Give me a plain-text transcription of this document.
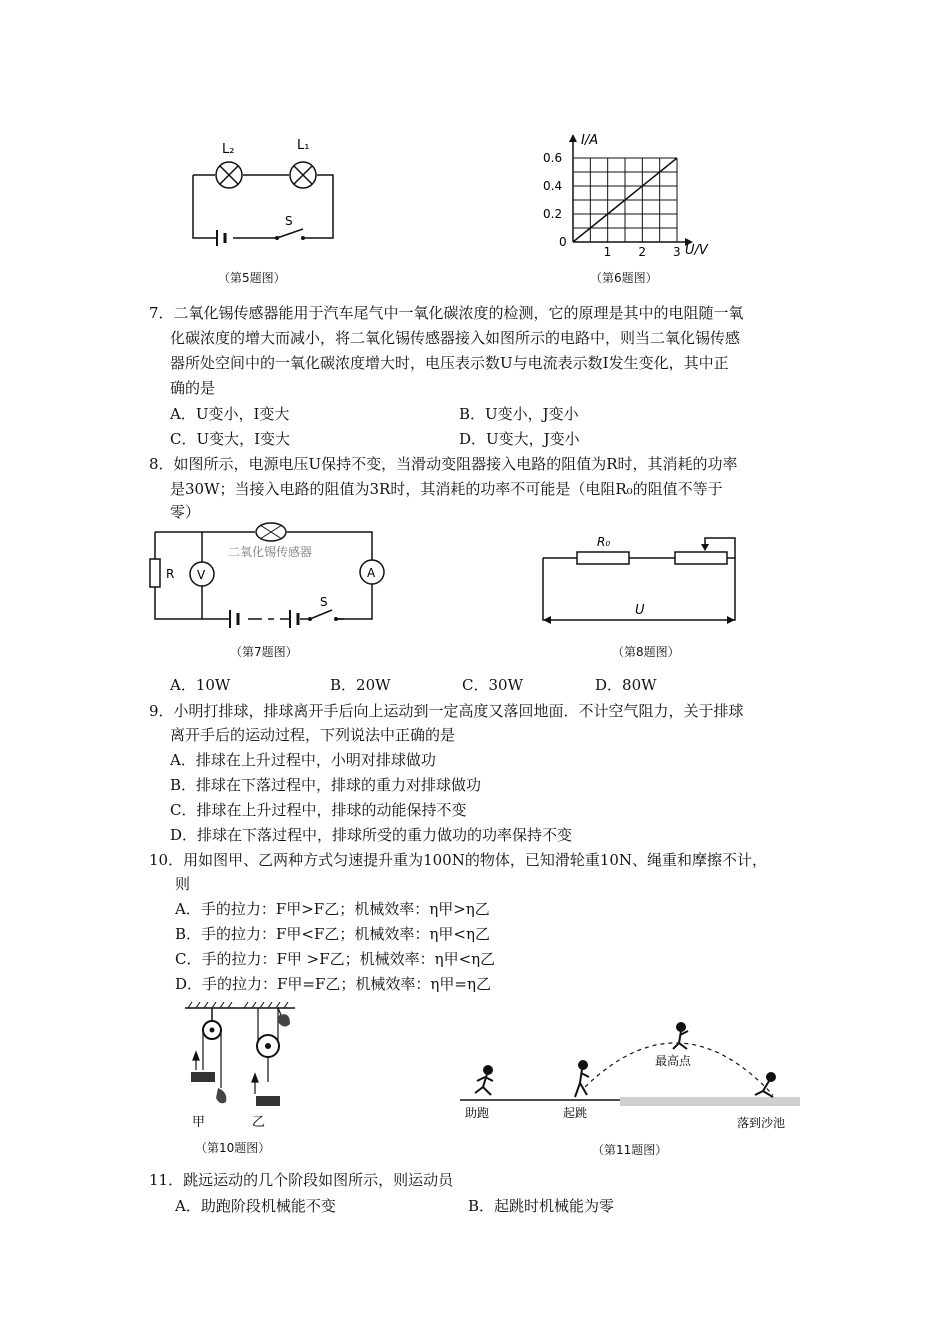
L₂	L₁
S
（第5题图）
I/A
U/V
0
1 2 3
0.2
0.4
0.6
（第6题图）
7．二氧化锡传感器能用于汽车尾气中一氧化碳浓度的检测，它的原理是其中的电阻随一氧
化碳浓度的增大而减小，将二氧化锡传感器接入如图所示的电路中，则当二氧化锡传感
器所处空间中的一氧化碳浓度增大时，电压表示数U与电流表示数I发生变化，其中正
确的是
A．U变小，I变大	B．U变小，J变小
C．U变大，I变大	D．U变大，J变小
8．如图所示，电源电压U保持不变，当滑动变阻器接入电路的阻值为R时，其消耗的功率
是30W；当接入电路的阻值为3R时，其消耗的功率不可能是（电阻R₀的阻值不等于
零）
二氧化锡传感器
R V	A
S
（第7题图）
R₀
U
（第8题图）
A．10W	B．20W	C．30W	D．80W
9．小明打排球，排球离开手后向上运动到一定高度又落回地面．不计空气阻力，关于排球
离开手后的运动过程，下列说法中正确的是
A．排球在上升过程中，小明对排球做功
B．排球在下落过程中，排球的重力对排球做功
C．排球在上升过程中，排球的动能保持不变
D．排球在下落过程中，排球所受的重力做功的功率保持不变
10．用如图甲、乙两种方式匀速提升重为100N的物体，已知滑轮重10N、绳重和摩擦不计，
则
A．手的拉力：F甲>F乙；机械效率：η甲>η乙
B．手的拉力：F甲<F乙；机械效率：η甲<η乙
C．手的拉力：F甲 >F乙；机械效率：η甲<η乙
D．手的拉力：F甲=F乙；机械效率：η甲=η乙
甲	乙
（第10题图）
最高点
助跑	起跳
落到沙池
（第11题图）
11．跳远运动的几个阶段如图所示，则运动员
A．助跑阶段机械能不变	B．起跳时机械能为零
